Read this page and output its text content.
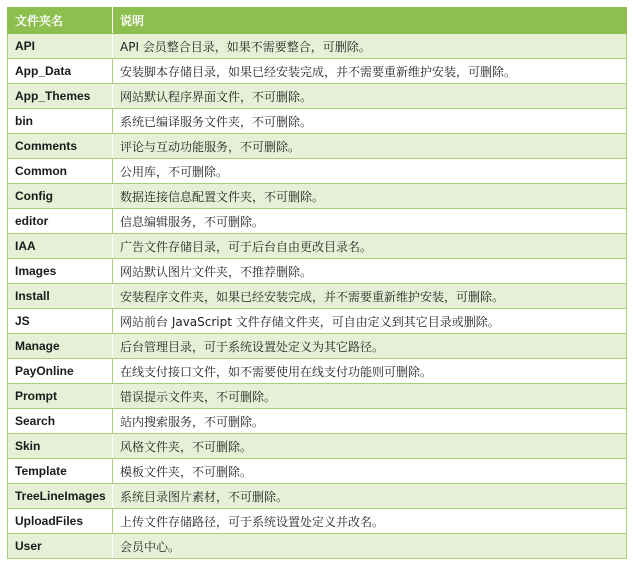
文件夹名	说明
API	API 会员整合目录，如果不需要整合，可删除。
App_Data	安装脚本存储目录，如果已经安装完成，并不需要重新维护安装，可删除。
App_Themes	网站默认程序界面文件，不可删除。
bin	系统已编译服务文件夹，不可删除。
Comments	评论与互动功能服务，不可删除。
Common	公用库，不可删除。
Config	数据连接信息配置文件夹，不可删除。
editor	信息编辑服务，不可删除。
IAA	广告文件存储目录，可于后台自由更改目录名。
Images	网站默认图片文件夹，不推荐删除。
Install	安装程序文件夹，如果已经安装完成，并不需要重新维护安装，可删除。
JS	网站前台 JavaScript 文件存储文件夹，可自由定义到其它目录或删除。
Manage	后台管理目录，可于系统设置处定义为其它路径。
PayOnline	在线支付接口文件，如不需要使用在线支付功能则可删除。
Prompt	错误提示文件夹，不可删除。
Search	站内搜索服务，不可删除。
Skin	风格文件夹，不可删除。
Template	模板文件夹，不可删除。
TreeLineImages	系统目录图片素材，不可删除。
UploadFiles	上传文件存储路径，可于系统设置处定义并改名。
User	会员中心。
